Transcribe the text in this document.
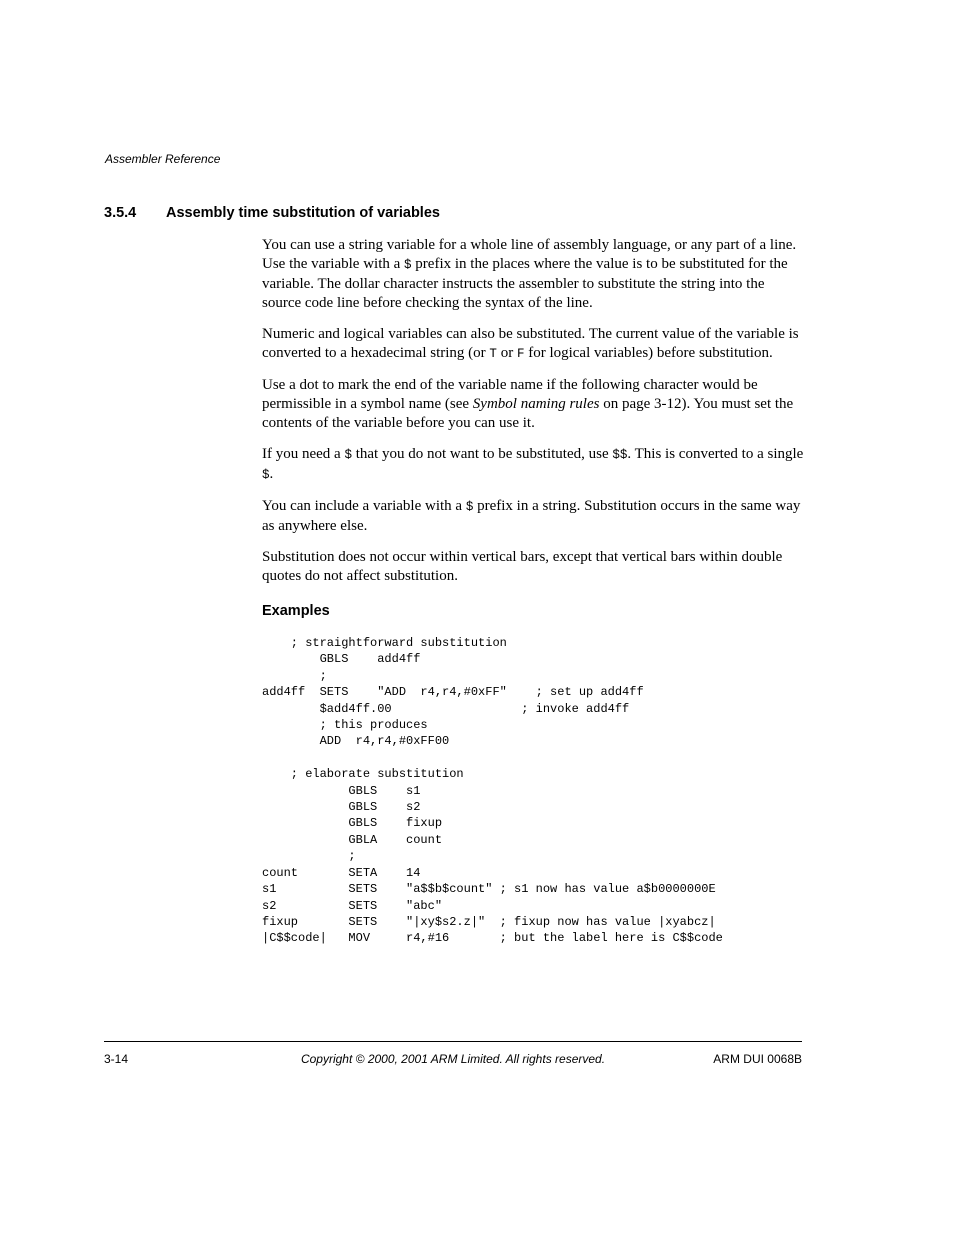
Assembler Reference
3.5.4 Assembly time substitution of variables

You can use a string variable for a whole line of assembly language, or any part of a line. Use the variable with a $ prefix in the places where the value is to be substituted for the variable. The dollar character instructs the assembler to substitute the string into the source code line before checking the syntax of the line.

Numeric and logical variables can also be substituted. The current value of the variable is converted to a hexadecimal string (or T or F for logical variables) before substitution.

Use a dot to mark the end of the variable name if the following character would be permissible in a symbol name (see Symbol naming rules on page 3-12). You must set the contents of the variable before you can use it.

If you need a $ that you do not want to be substituted, use $$. This is converted to a single $.

You can include a variable with a $ prefix in a string. Substitution occurs in the same way as anywhere else.

Substitution does not occur within vertical bars, except that vertical bars within double quotes do not affect substitution.

Examples
; straightforward substitution
GBLS    add4ff
;
add4ff  SETS    "ADD  r4,r4,#0xFF"    ; set up add4ff
$add4ff.00                  ; invoke add4ff
; this produces
ADD  r4,r4,#0xFF00

; elaborate substitution
GBLS    s1
GBLS    s2
GBLS    fixup
GBLA    count
;
count       SETA    14
s1          SETS    "a$$b$count" ; s1 now has value a$b0000000E
s2          SETS    "abc"
fixup       SETS    "|xy$s2.z|"  ; fixup now has value |xyabcz|
|C$$code|   MOV     r4,#16       ; but the label here is C$$code
3-14	Copyright © 2000, 2001 ARM Limited. All rights reserved.	ARM DUI 0068B
